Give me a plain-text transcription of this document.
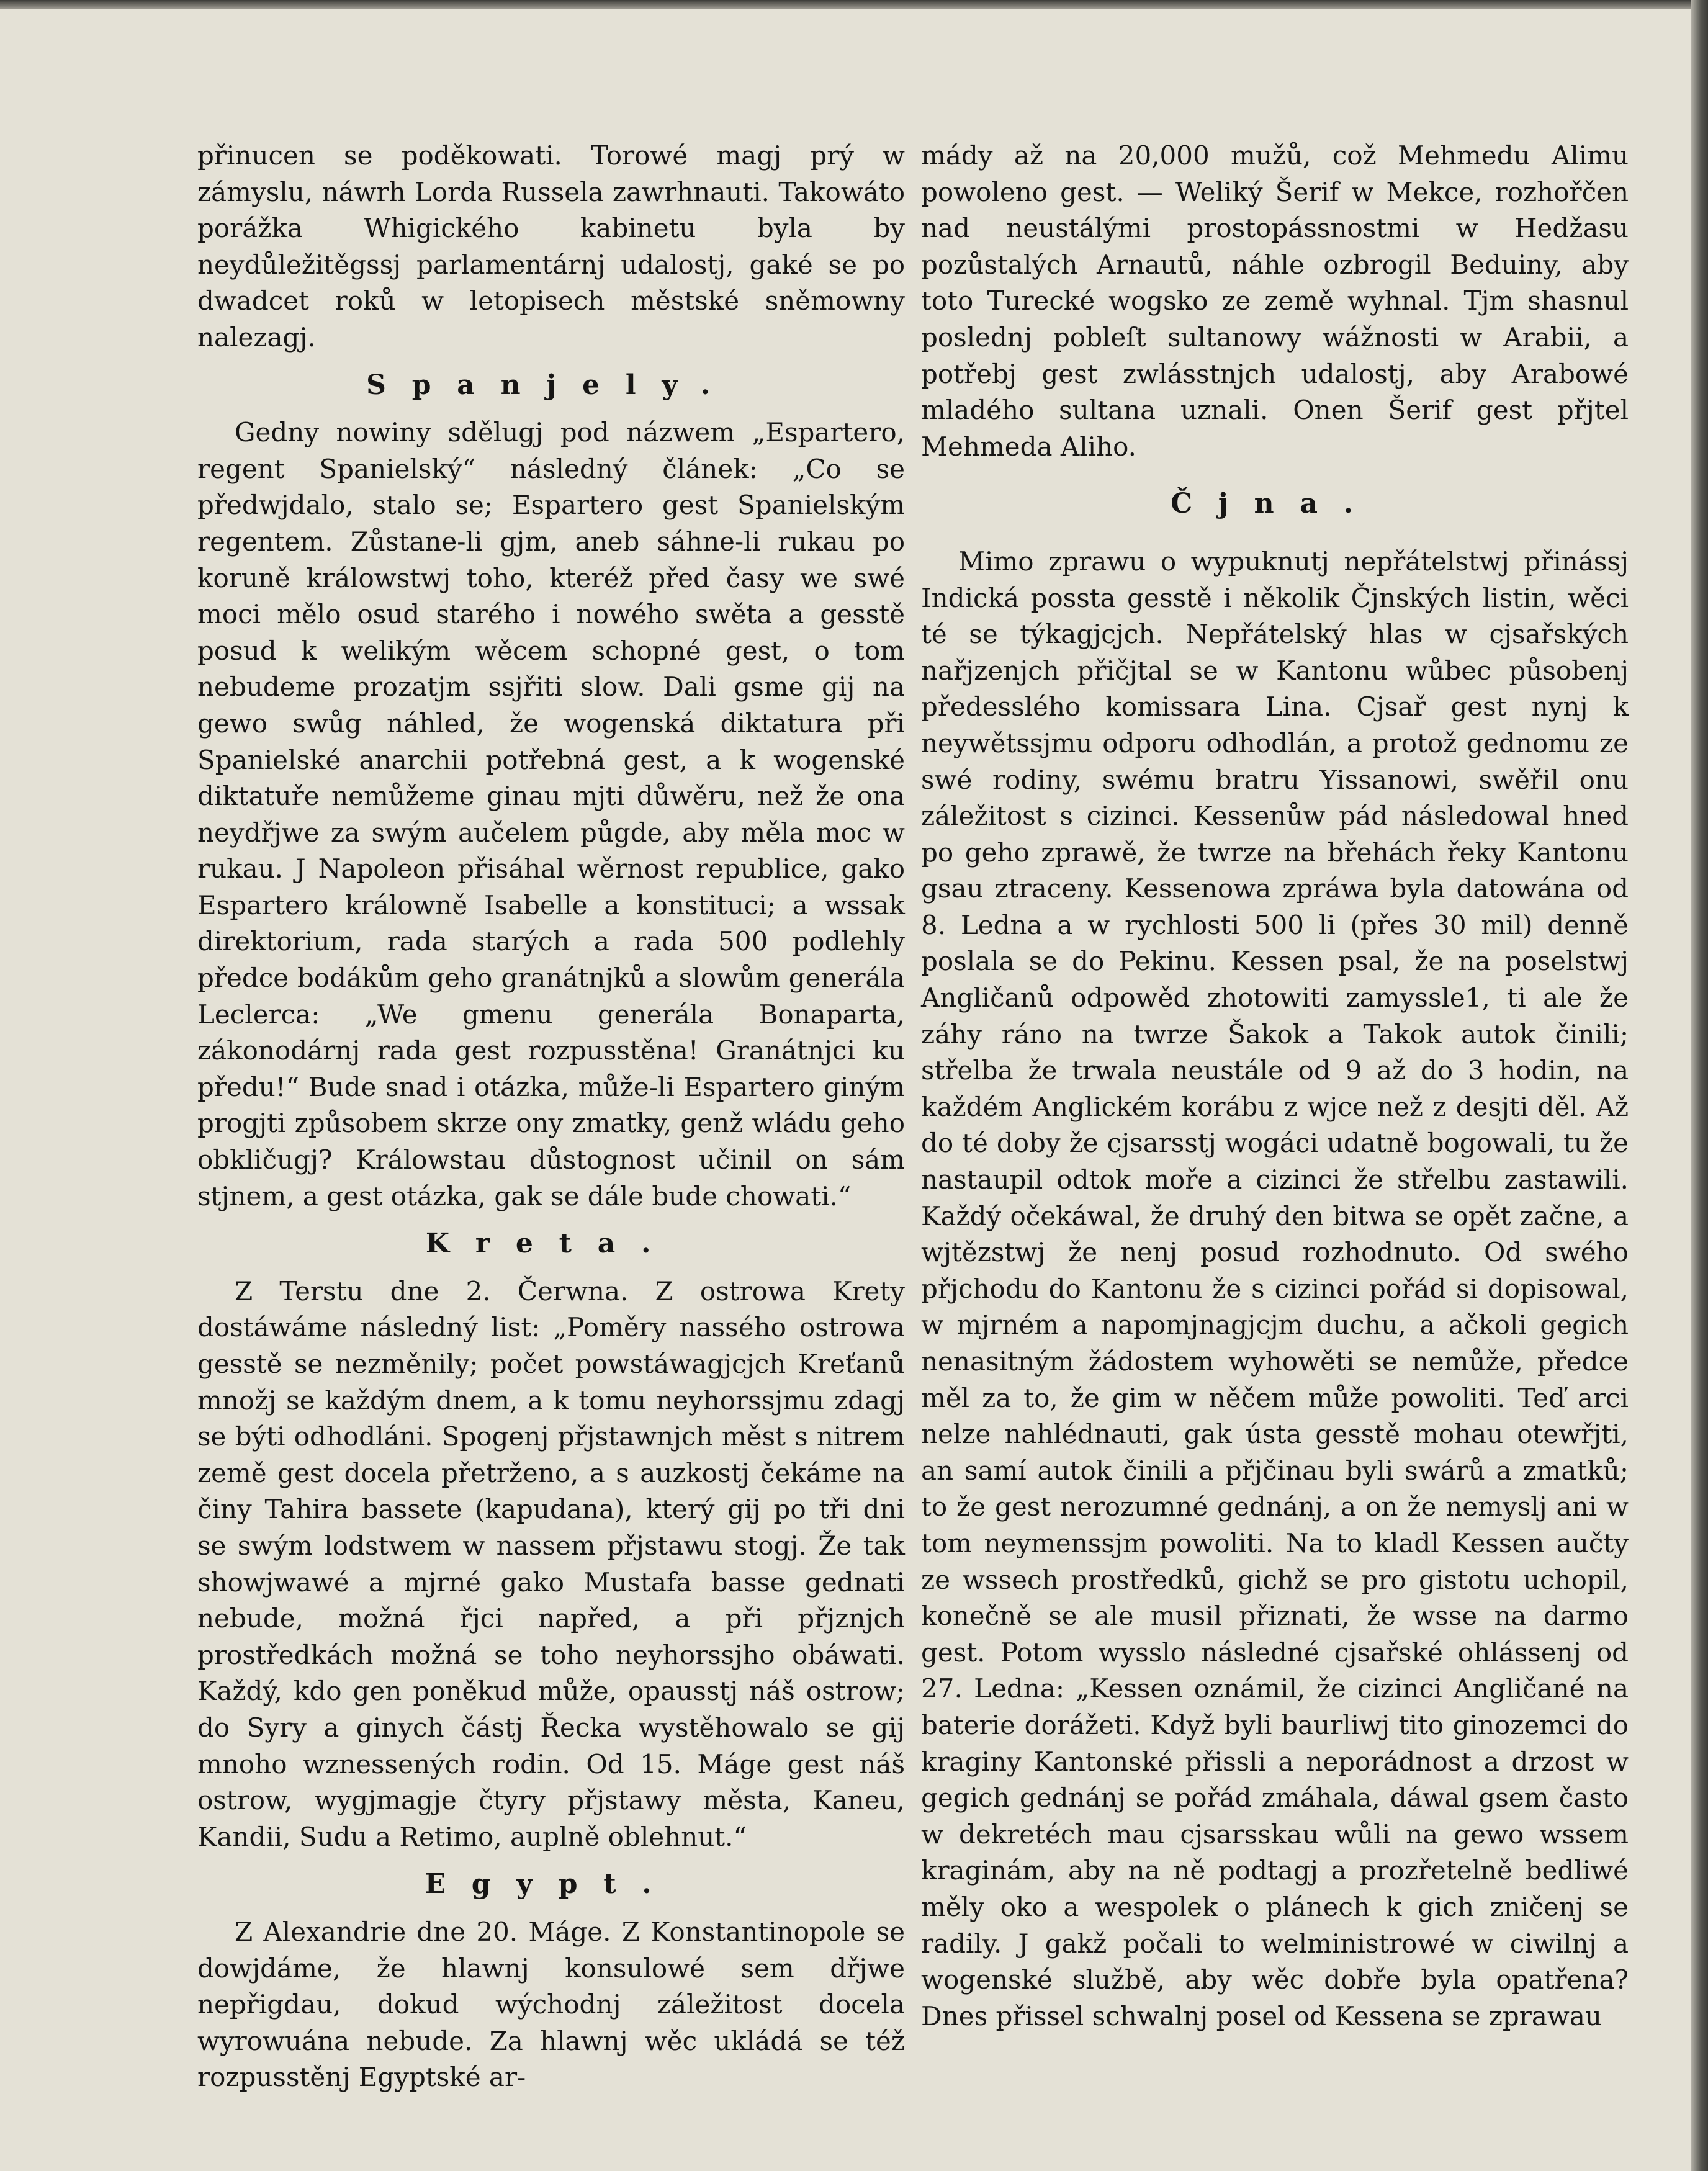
přinucen se poděkowati. Torowé magj prý w zámyslu, náwrh Lorda Russela zawrhnauti. Takowáto porážka Whigického kabinetu byla by neydůležitěgssj parlamentárnj udalostj, gaké se po dwadcet roků w letopisech městské sněmowny nalezagj.

Spanjely.

Gedny nowiny sdělugj pod názwem „Espartero, regent Spanielský“ následný článek: „Co se předwjdalo, stalo se; Espartero gest Spanielským regentem. Zůstane-li gjm, aneb sáhne-li rukau po koruně králowstwj toho, kteréž před časy we swé moci mělo osud starého i nowého swěta a gesstě posud k welikým wěcem schopné gest, o tom nebudeme prozatjm ssjřiti slow. Dali gsme gij na gewo swůg náhled, že wogenská diktatura při Spanielské anarchii potřebná gest, a k wogenské diktatuře nemůžeme ginau mjti důwěru, než že ona neydřjwe za swým aučelem půgde, aby měla moc w rukau. J Napoleon přisáhal wěrnost republice, gako Espartero králowně Isabelle a konstituci; a wssak direktorium, rada starých a rada 500 podlehly předce bodákům geho granátnjků a slowům generála Leclerca: „We gmenu generála Bonaparta, zákonodárnj rada gest rozpusstěna! Granátnjci ku předu!“ Bude snad i otázka, může-li Espartero giným progjti způsobem skrze ony zmatky, genž wládu geho obkličugj? Králowstau důstognost učinil on sám stjnem, a gest otázka, gak se dále bude chowati.“

Kreta.

Z Terstu dne 2. Čerwna. Z ostrowa Krety dostáwáme následný list: „Poměry nassého ostrowa gesstě se nezměnily; počet powstáwagjcjch Kreťanů množj se každým dnem, a k tomu neyhorssjmu zdagj se býti odhodláni. Spogenj přjstawnjch měst s nitrem země gest docela přetrženo, a s auzkostj čekáme na činy Tahira bassete (kapudana), který gij po tři dni se swým lodstwem w nassem přjstawu stogj. Že tak showjwawé a mjrné gako Mustafa basse gednati nebude, možná řjci napřed, a při přjznjch prostředkách možná se toho neyhorssjho obáwati. Každý, kdo gen poněkud může, opausstj náš ostrow; do Syry a ginych částj Řecka wystěhowalo se gij mnoho wznessených rodin. Od 15. Máge gest náš ostrow, wygjmagje čtyry přjstawy města, Kaneu, Kandii, Sudu a Retimo, auplně oblehnut.“

Egypt.

Z Alexandrie dne 20. Máge. Z Konstantinopole se dowjdáme, že hlawnj konsulowé sem dřjwe nepřigdau, dokud wýchodnj záležitost docela wyrowuána nebude. Za hlawnj wěc ukládá se též rozpusstěnj Egyptské ar-

mády až na 20,000 mužů, což Mehmedu Alimu powoleno gest. — Weliký Šerif w Mekce, rozhořčen nad neustálými prostopássnostmi w Hedžasu pozůstalých Arnautů, náhle ozbrogil Beduiny, aby toto Turecké wogsko ze země wyhnal. Tjm shasnul poslednj pobleſt sultanowy wážnosti w Arabii, a potřebj gest zwlásstnjch udalostj, aby Arabowé mladého sultana uznali. Onen Šerif gest přjtel Mehmeda Aliho.

Čjna.

Mimo zprawu o wypuknutj nepřátelstwj přinássj Indická possta gesstě i několik Čjnských listin, wěci té se týkagjcjch. Nepřátelský hlas w cjsařských nařjzenjch přičjtal se w Kantonu wůbec působenj předesslého komissara Lina. Cjsař gest nynj k neywětssjmu odporu odhodlán, a protož gednomu ze swé rodiny, swému bratru Yissanowi, swěřil onu záležitost s cizinci. Kessenůw pád následowal hned po geho zprawě, že twrze na břehách řeky Kantonu gsau ztraceny. Kessenowa zpráwa byla datowána od 8. Ledna a w rychlosti 500 li (přes 30 mil) denně poslala se do Pekinu. Kessen psal, že na poselstwj Angličanů odpowěd zhotowiti zamyssle1, ti ale že záhy ráno na twrze Šakok a Takok autok činili; střelba že trwala neustále od 9 až do 3 hodin, na každém Anglickém korábu z wjce než z desjti děl. Až do té doby že cjsarsstj wogáci udatně bogowali, tu že nastaupil odtok moře a cizinci že střelbu zastawili. Každý očekáwal, že druhý den bitwa se opět začne, a wjtězstwj že nenj posud rozhodnuto. Od swého přjchodu do Kantonu že s cizinci pořád si dopisowal, w mjrném a napomjnagjcjm duchu, a ačkoli gegich nenasitným žádostem wyhowěti se nemůže, předce měl za to, že gim w něčem může powoliti. Teď arci nelze nahlédnauti, gak ústa gesstě mohau otewřjti, an samí autok činili a přjčinau byli swárů a zmatků; to že gest nerozumné gednánj, a on že nemyslj ani w tom neymenssjm powoliti. Na to kladl Kessen aučty ze wssech prostředků, gichž se pro gistotu uchopil, konečně se ale musil přiznati, že wsse na darmo gest. Potom wysslo následné cjsařské ohlássenj od 27. Ledna: „Kessen oznámil, že cizinci Angličané na baterie dorážeti. Když byli baurliwj tito ginozemci do kraginy Kantonské přissli a neporádnost a drzost w gegich gednánj se pořád zmáhala, dáwal gsem často w dekretéch mau cjsarsskau wůli na gewo wssem kraginám, aby na ně podtagj a prozřetelně bedliwé měly oko a wespolek o plánech k gich zničenj se radily. J gakž počali to welministrowé w ciwilnj a wogenské službě, aby wěc dobře byla opatřena? Dnes přissel schwalnj posel od Kessena se zprawau
